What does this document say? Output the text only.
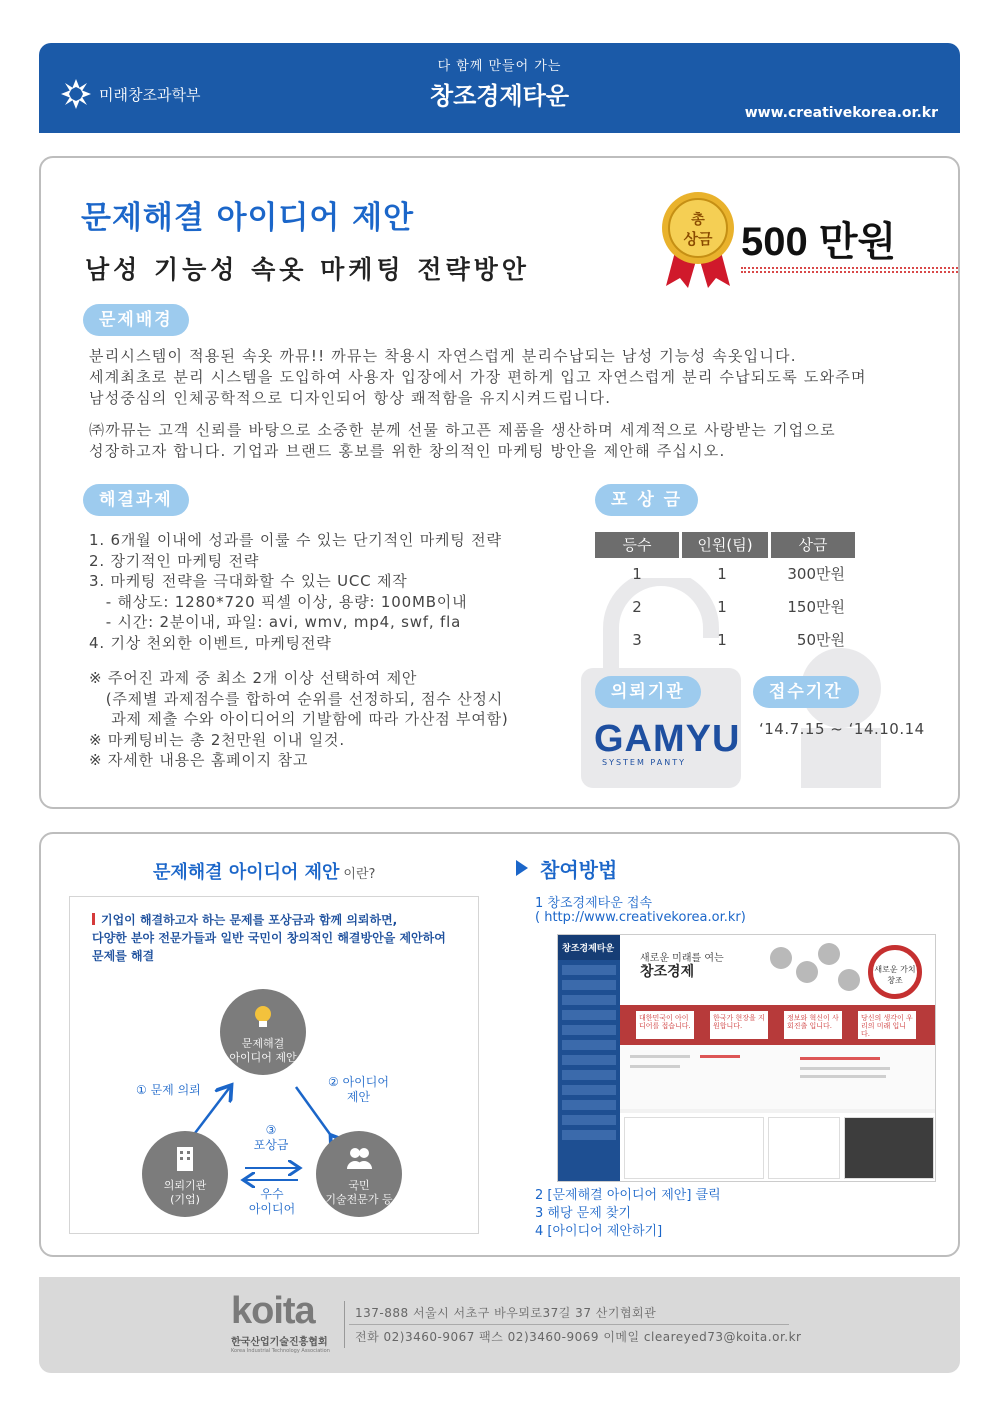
미래창조과학부
다 함께 만들어 가는
창조경제타운
www.creativekorea.or.kr
문제해결 아이디어 제안
남성 기능성 속옷 마케팅 전략방안
총
상금 500 만원
문제배경
분리시스템이 적용된 속옷 까뮤!! 까뮤는 착용시 자연스럽게 분리수납되는 남성 기능성 속옷입니다.
세계최초로 분리 시스템을 도입하여 사용자 입장에서 가장 편하게 입고 자연스럽게 분리 수납되도록 도와주며
남성중심의 인체공학적으로 디자인되어 항상 쾌적함을 유지시켜드립니다.
㈜까뮤는 고객 신뢰를 바탕으로 소중한 분께 선물 하고픈 제품을 생산하며 세계적으로 사랑받는 기업으로
성장하고자 합니다. 기업과 브랜드 홍보를 위한 창의적인 마케팅 방안을 제안해 주십시오.
해결과제	포 상 금
1. 6개월 이내에 성과를 이룰 수 있는 단기적인 마케팅 전략
2. 장기적인 마케팅 전략
3. 마케팅 전략을 극대화할 수 있는 UCC 제작
- 해상도: 1280*720 픽셀 이상, 용량: 100MB이내
- 시간: 2분이내, 파일: avi, wmv, mp4, swf, fla
4. 기상 천외한 이벤트, 마케팅전략
※ 주어진 과제 중 최소 2개 이상 선택하여 제안
(주제별 과제점수를 합하여 순위를 선정하되, 점수 산정시
과제 제출 수와 아이디어의 기발함에 따라 가산점 부여함)
※ 마케팅비는 총 2천만원 이내 일것.
※ 자세한 내용은 홈페이지 참고
등수	인원(팀)	상금
1	1	300만원
2	1	150만원
3	1	50만원
의뢰기관	접수기간
GAMYU
SYSTEM PANTY
‘14.7.15 ~ ‘14.10.14
문제해결 아이디어 제안 이란?
기업이 해결하고자 하는 문제를 포상금과 함께 의뢰하면,
다양한 분야 전문가들과 일반 국민이 창의적인 해결방안을 제안하여
문제를 해결
문제해결
아이디어 제안
의뢰기관
(기업)
국민
기술전문가 등
① 문제 의뢰
② 아이디어
제안
③
포상금
우수
아이디어
참여방법
1 창조경제타운 접속
( http://www.creativekorea.or.kr)
창조경제타운
새로운 미래를 여는
창조경제	새로운 가치창조
대한민국이 아이디어를 접습니다.
한국가 현장을 지원합니다.
정보와 혁신이 사회진출 입니다.
당신의 생각이 우리의 미래 입니다.
2 [문제해결 아이디어 제안] 클릭
3 해당 문제 찾기
4 [아이디어 제안하기]
koita
한국산업기술진흥협회
Korea Industrial Technology Association
137-888 서울시 서초구 바우뫼로37길 37 산기협회관
전화 02)3460-9067 팩스 02)3460-9069 이메일 cleareyed73@koita.or.kr
